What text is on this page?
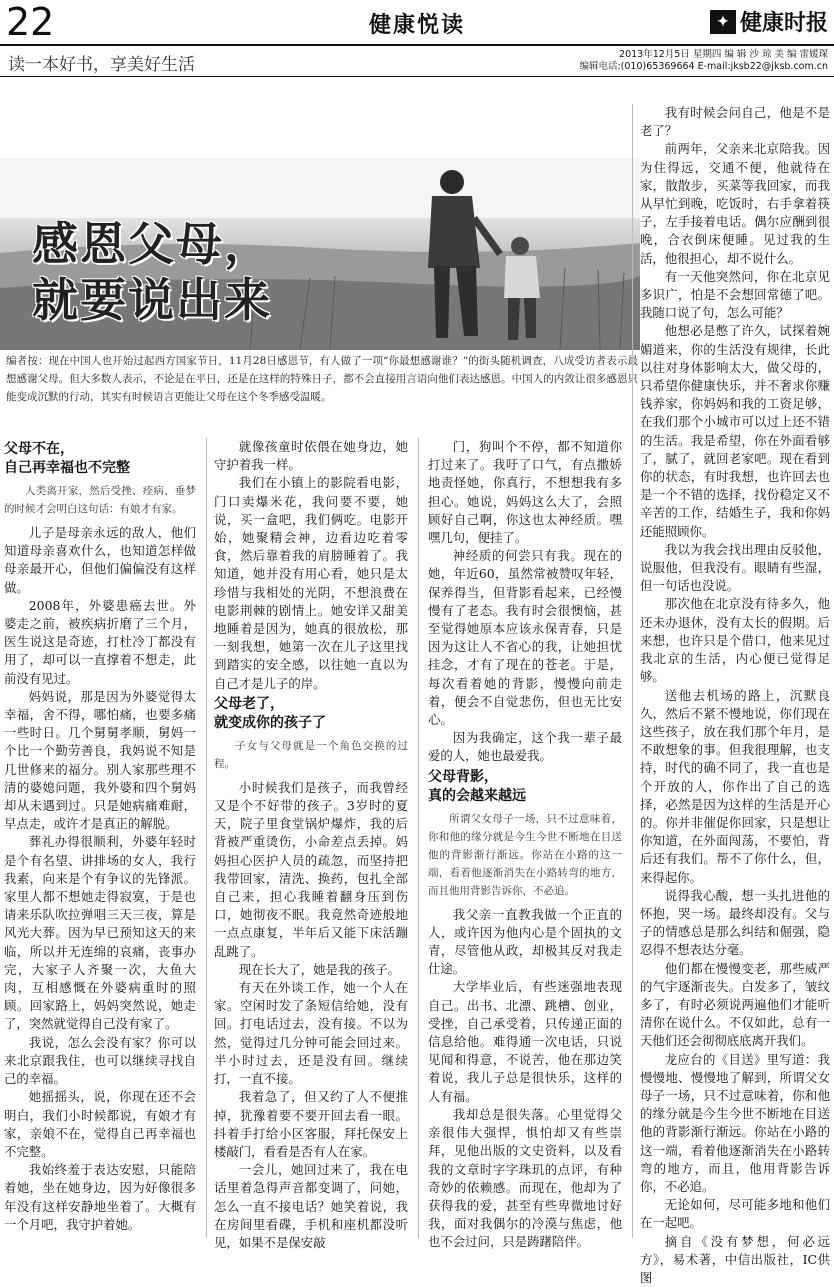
22	健康悦读	✦ 健康时报
读一本好书，享美好生活
2013年12月5日 星期四 编 辑 沙 琼 美 编 雷媛琛
编辑电话:(010)65369664 E-mail:jksb22@jksb.com.cn
感恩父母，
就要说出来
编者按：现在中国人也开始过起西方国家节日，11月28日感恩节，有人做了一项“你最想感谢谁？”的街头随机调查，八成受访者表示最想感谢父母。但大多数人表示，不论是在平日，还是在这样的特殊日子，都不会直接用言语向他们表达感恩。中国人的内敛让很多感恩只能变成沉默的行动，其实有时候语言更能让父母在这个冬季感受温暖。
父母不在，
自己再幸福也不完整

人类离开家，然后受挫、痊病、垂梦的时候才会明白这句话：有娘才有家。

儿子是母亲永远的敌人，他们知道母亲喜欢什么，也知道怎样做母亲最开心，但他们偏偏没有这样做。

2008年，外婆患癌去世。外婆走之前，被疾病折磨了三个月，医生说这是奇迹，打杜冷丁都没有用了，却可以一直撑着不想走，此前没有见过。

妈妈说，那是因为外婆觉得太幸福，舍不得，哪怕痛，也要多痛一些时日。几个舅舅孝顺，舅妈一个比一个勤劳善良，我妈说不知是几世修来的福分。别人家那些理不清的婆媳问题，我外婆和四个舅妈却从未遇到过。只是她病痛难耐，早点走，或许才是真正的解脱。

葬礼办得很顺利，外婆年轻时是个有名望、讲排场的女人，我行我素，向来是个有争议的先锋派。家里人都不想她走得寂寞，于是也请来乐队吹拉弹唱三天三夜，算是风光大葬。因为早已预知这天的来临，所以并无连绵的哀痛，丧事办完，大家子人齐聚一次，大鱼大肉，互相感慨在外婆病重时的照顾。回家路上，妈妈突然说，她走了，突然就觉得自己没有家了。

我说，怎么会没有家？你可以来北京跟我住，也可以继续寻找自己的幸福。

她摇摇头，说，你现在还不会明白，我们小时候都说，有娘才有家，亲娘不在，觉得自己再幸福也不完整。

我始终羞于表达安慰，只能陪着她，坐在她身边，因为好像很多年没有这样安静地坐着了。大概有一个月吧，我守护着她。

就像孩童时依偎在她身边，她守护着我一样。

我们在小镇上的影院看电影，门口卖爆米花，我问要不要，她说，买一盒吧，我们俩吃。电影开始，她聚精会神，边看边吃着零食，然后靠着我的肩膀睡着了。我知道，她并没有用心看，她只是太珍惜与我相处的光阴，不想浪费在电影荆棘的剧情上。她安详又甜美地睡着是因为，她真的很放松，那一刻我想，她第一次在儿子这里找到踏实的安全感，以往她一直以为自己才是儿子的岸。

父母老了，
就变成你的孩子了

子女与父母就是一个角色交换的过程。

小时候我们是孩子，而我曾经又是个不好带的孩子。3岁时的夏天，院子里食堂锅炉爆炸，我的后背被严重烫伤，小命差点丢掉。妈妈担心医护人员的疏忽，而坚持把我带回家，清洗、换药，包扎全部自己来，担心我睡着翻身压到伤口，她彻夜不眠。我竟然奇迹般地一点点康复，半年后又能下床活蹦乱跳了。

现在长大了，她是我的孩子。

有天在外谈工作，她一个人在家。空闲时发了条短信给她，没有回。打电话过去，没有接。不以为然，觉得过几分钟可能会回过来。半小时过去，还是没有回。继续打，一直不接。

我着急了，但又约了人不便推掉，犹豫着要不要开回去看一眼。抖着手打给小区客服，拜托保安上楼敲门，看看是否有人在家。

一会儿，她回过来了，我在电话里着急得声音都变调了，问她，怎么一直不接电话？她笑着说，我在房间里看碟，手机和座机都没听见，如果不是保安敲

门，狗叫个不停，都不知道你打过来了。我吁了口气，有点撒娇地责怪她，你真行，不想想我有多担心。她说，妈妈这么大了，会照顾好自己啊，你这也太神经质。嘿嘿几句，便挂了。

神经质的何尝只有我。现在的她，年近60，虽然常被赞叹年轻，保养得当，但背影看起来，已经慢慢有了老态。我有时会很懊恼，甚至觉得她原本应该永保青春，只是因为这让人不省心的我，让她担忧挂念，才有了现在的苍老。于是，每次看着她的背影，慢慢向前走着，便会不自觉悲伤，但也无比安心。

因为我确定，这个我一辈子最爱的人，她也最爱我。

父母背影，
真的会越来越远

所谓父女母子一场，只不过意味着，你和他的缘分就是今生今世不断地在目送他的背影渐行渐远。你站在小路的这一端，看着他逐渐消失在小路转弯的地方，而且他用背影告诉你，不必追。

我父亲一直教我做一个正直的人，或许因为他内心是个固执的文青，尽管他从政，却极其反对我走仕途。

大学毕业后，有些迷强地表现自己。出书、北漂、跳槽、创业，受挫，自己承受着，只传递正面的信息给他。难得通一次电话，只说见闻和得意，不说苦，他在那边笑着说，我儿子总是很快乐，这样的人有福。

我却总是很失落。心里觉得父亲很伟大强悍，惧怕却又有些崇拜，见他出版的文史资料，以及看我的文章时字字珠玑的点评，有种奇妙的依赖感。而现在，他却为了获得我的爱，甚至有些卑微地讨好我，面对我偶尔的冷漠与焦虑，他也不会过问，只是踌躇陪伴。

我有时候会问自己，他是不是老了？

前两年，父亲来北京陪我。因为住得远，交通不便，他就待在家，散散步，买菜等我回家，而我从早忙到晚，吃饭时，右手拿着筷子，左手接着电话。偶尔应酬到很晚，合衣倒床便睡。见过我的生活，他很担心，却不说什么。

有一天他突然问，你在北京见多识广，怕是不会想回常德了吧。我随口说了句，怎么可能？

他想必是憋了许久，试探着婉媚道来，你的生活没有规律，长此以往对身体影响太大，做父母的，只希望你健康快乐，并不奢求你赚钱养家，你妈妈和我的工资足够，在我们那个小城市可以过上还不错的生活。我是希望，你在外面看够了，腻了，就回老家吧。现在看到你的状态，有时我想，也许回去也是一个不错的选择，找份稳定又不辛苦的工作，结婚生子，我和你妈还能照顾你。

我以为我会找出理由反驳他，说服他，但我没有。眼睛有些湿，但一句话也没说。

那次他在北京没有待多久，他还未办退休，没有太长的假期。后来想，也许只是个借口，他来见过我北京的生活，内心便已觉得足够。

送他去机场的路上，沉默良久，然后不紧不慢地说，你们现在这些孩子，放在我们那个年月，是不敢想象的事。但我很理解，也支持，时代的确不同了，我一直也是个开放的人，你作出了自己的选择，必然是因为这样的生活是开心的。你并非催促你回家，只是想让你知道，在外面闯荡，不要怕，背后还有我们。帮不了你什么，但，来得起你。

说得我心酸，想一头扎进他的怀抱，哭一场。最终却没有。父与子的情感总是那么纠结和倔强，隐忍得不想表达分毫。

他们都在慢慢变老，那些威严的气宇逐渐丧失。白发多了，皱纹多了，有时必须说两遍他们才能听清你在说什么。不仅如此，总有一天他们还会彻彻底底离开我们。

龙应台的《目送》里写道：我慢慢地、慢慢地了解到，所谓父女母子一场，只不过意味着，你和他的缘分就是今生今世不断地在目送他的背影渐行渐远。你站在小路的这一端，看着他逐渐消失在小路转弯的地方，而且，他用背影告诉你，不必追。

无论如何，尽可能多地和他们在一起吧。

摘自《没有梦想，何必远方》，易术著，中信出版社，IC供图
